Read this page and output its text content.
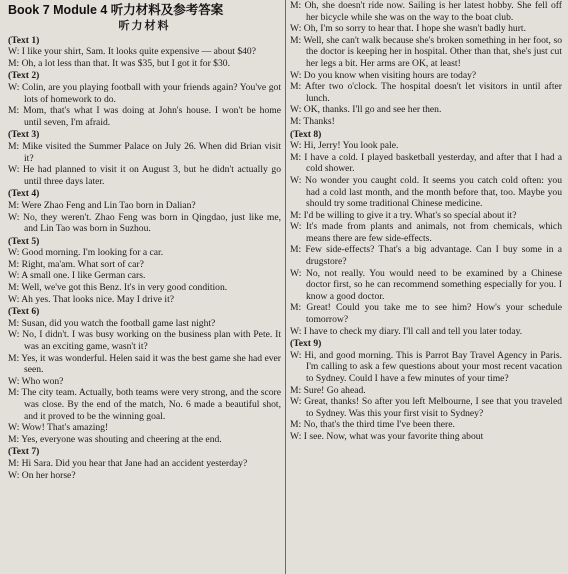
Book 7 Module 4 听力材料及参考答案
听力材料
(Text 1)
W: I like your shirt, Sam. It looks quite expensive — about $40?
M: Oh, a lot less than that. It was $35, but I got it for $30.
(Text 2)
W: Colin, are you playing football with your friends again? You've got lots of homework to do.
M: Mom, that's what I was doing at John's house. I won't be home until seven, I'm afraid.
(Text 3)
M: Mike visited the Summer Palace on July 26. When did Brian visit it?
W: He had planned to visit it on August 3, but he didn't actually go until three days later.
(Text 4)
M: Were Zhao Feng and Lin Tao born in Dalian?
W: No, they weren't. Zhao Feng was born in Qingdao, just like me, and Lin Tao was born in Suzhou.
(Text 5)
W: Good morning. I'm looking for a car.
M: Right, ma'am. What sort of car?
W: A small one. I like German cars.
M: Well, we've got this Benz. It's in very good condition.
W: Ah yes. That looks nice. May I drive it?
(Text 6)
M: Susan, did you watch the football game last night?
W: No, I didn't. I was busy working on the business plan with Pete. It was an exciting game, wasn't it?
M: Yes, it was wonderful. Helen said it was the best game she had ever seen.
W: Who won?
M: The city team. Actually, both teams were very strong, and the score was close. By the end of the match, No. 6 made a beautiful shot, and it proved to be the winning goal.
W: Wow! That's amazing!
M: Yes, everyone was shouting and cheering at the end.
(Text 7)
M: Hi Sara. Did you hear that Jane had an accident yesterday?
W: On her horse?
M: Oh, she doesn't ride now. Sailing is her latest hobby. She fell off her bicycle while she was on the way to the boat club.
W: Oh, I'm so sorry to hear that. I hope she wasn't badly hurt.
M: Well, she can't walk because she's broken something in her foot, so the doctor is keeping her in hospital. Other than that, she's just cut her legs a bit. Her arms are OK, at least!
W: Do you know when visiting hours are today?
M: After two o'clock. The hospital doesn't let visitors in until after lunch.
W: OK, thanks. I'll go and see her then.
M: Thanks!
(Text 8)
W: Hi, Jerry! You look pale.
M: I have a cold. I played basketball yesterday, and after that I had a cold shower.
W: No wonder you caught cold. It seems you catch cold often: you had a cold last month, and the month before that, too. Maybe you should try some traditional Chinese medicine.
M: I'd be willing to give it a try. What's so special about it?
W: It's made from plants and animals, not from chemicals, which means there are few side-effects.
M: Few side-effects? That's a big advantage. Can I buy some in a drugstore?
W: No, not really. You would need to be examined by a Chinese doctor first, so he can recommend something especially for you. I know a good doctor.
M: Great! Could you take me to see him? How's your schedule tomorrow?
W: I have to check my diary. I'll call and tell you later today.
(Text 9)
W: Hi, and good morning. This is Parrot Bay Travel Agency in Paris. I'm calling to ask a few questions about your most recent vacation to Sydney. Could I have a few minutes of your time?
M: Sure! Go ahead.
W: Great, thanks! So after you left Melbourne, I see that you traveled to Sydney. Was this your first visit to Sydney?
M: No, that's the third time I've been there.
W: I see. Now, what was your favorite thing about
